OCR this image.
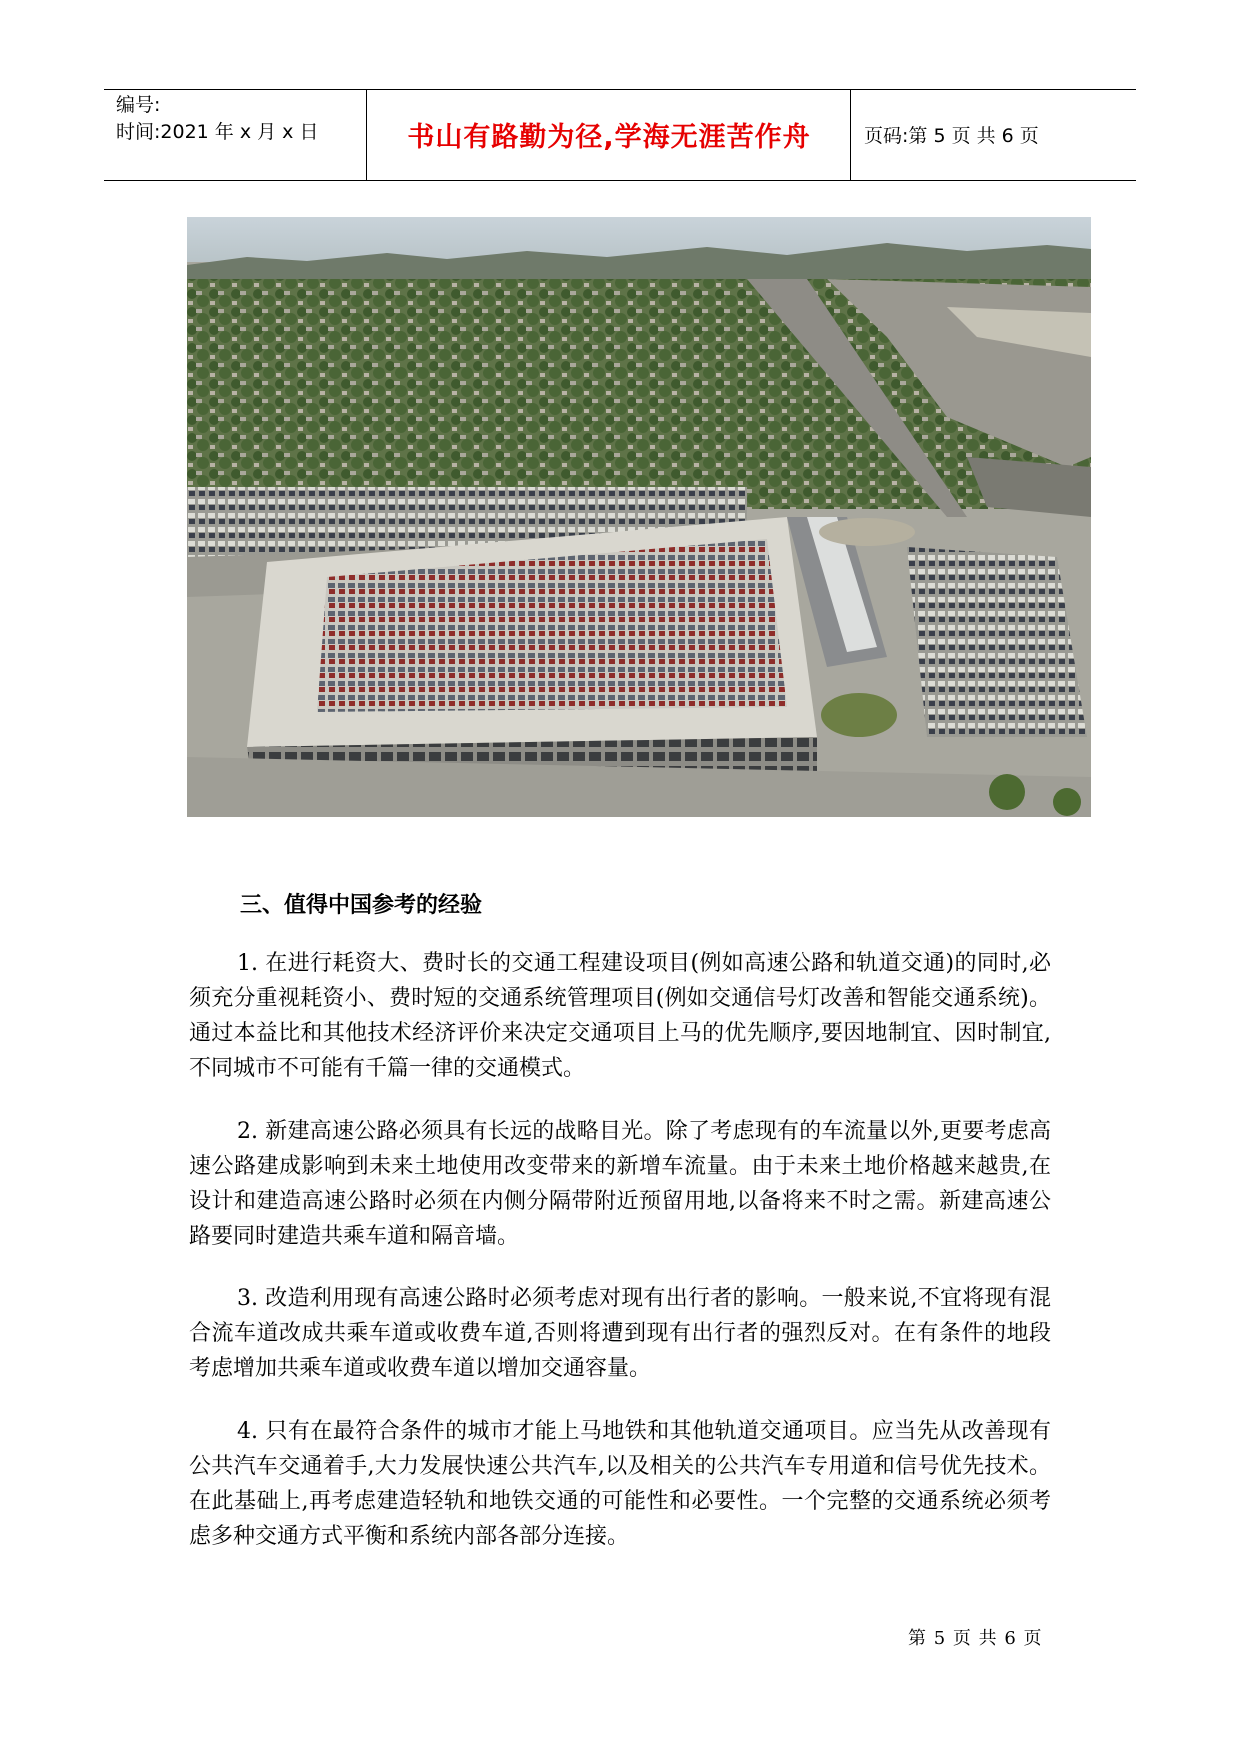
编号:
时间:2021 年 x 月 x 日	书山有路勤为径,学海无涯苦作舟	页码:第 5 页 共 6 页
三、值得中国参考的经验

1. 在进行耗资大、费时长的交通工程建设项目(例如高速公路和轨道交通)的同时,必须充分重视耗资小、费时短的交通系统管理项目(例如交通信号灯改善和智能交通系统)。通过本益比和其他技术经济评价来决定交通项目上马的优先顺序,要因地制宜、因时制宜,不同城市不可能有千篇一律的交通模式。

2. 新建高速公路必须具有长远的战略目光。除了考虑现有的车流量以外,更要考虑高速公路建成影响到未来土地使用改变带来的新增车流量。由于未来土地价格越来越贵,在设计和建造高速公路时必须在内侧分隔带附近预留用地,以备将来不时之需。新建高速公路要同时建造共乘车道和隔音墙。

3. 改造利用现有高速公路时必须考虑对现有出行者的影响。一般来说,不宜将现有混合流车道改成共乘车道或收费车道,否则将遭到现有出行者的强烈反对。在有条件的地段考虑增加共乘车道或收费车道以增加交通容量。

4. 只有在最符合条件的城市才能上马地铁和其他轨道交通项目。应当先从改善现有公共汽车交通着手,大力发展快速公共汽车,以及相关的公共汽车专用道和信号优先技术。在此基础上,再考虑建造轻轨和地铁交通的可能性和必要性。一个完整的交通系统必须考虑多种交通方式平衡和系统内部各部分连接。

第 5 页 共 6 页
